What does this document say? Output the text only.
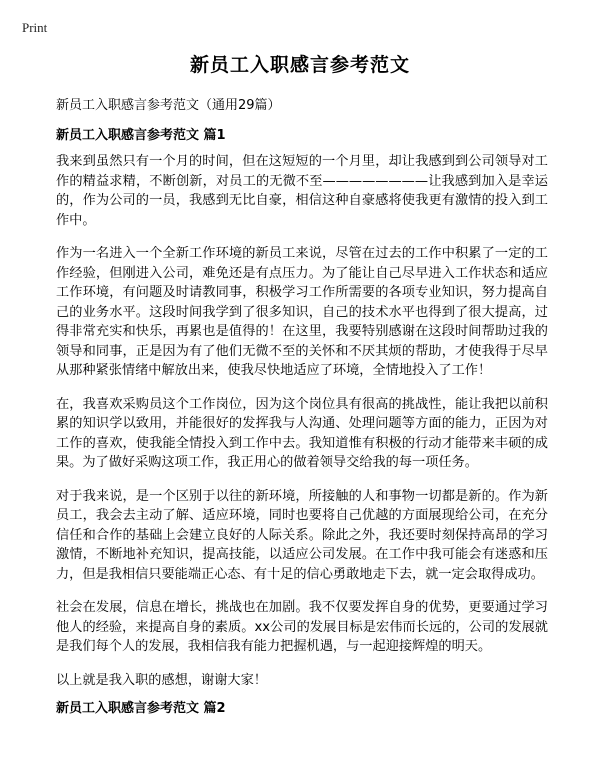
Print
新员工入职感言参考范文
新员工入职感言参考范文（通用29篇）
新员工入职感言参考范文 篇1

我来到虽然只有一个月的时间，但在这短短的一个月里，却让我感到到公司领导对工作的精益求精，不断创新，对员工的无微不至————————让我感到加入是幸运的，作为公司的一员，我感到无比自豪，相信这种自豪感将使我更有激情的投入到工作中。

作为一名进入一个全新工作环境的新员工来说，尽管在过去的工作中积累了一定的工作经验，但刚进入公司，难免还是有点压力。为了能让自己尽早进入工作状态和适应工作环境，有问题及时请教同事，积极学习工作所需要的各项专业知识，努力提高自己的业务水平。这段时间我学到了很多知识，自己的技术水平也得到了很大提高，过得非常充实和快乐，再累也是值得的！在这里，我要特别感谢在这段时间帮助过我的领导和同事，正是因为有了他们无微不至的关怀和不厌其烦的帮助，才使我得于尽早从那种紧张情绪中解放出来，使我尽快地适应了环境，全情地投入了工作！

在，我喜欢采购员这个工作岗位，因为这个岗位具有很高的挑战性，能让我把以前积累的知识学以致用，并能很好的发挥我与人沟通、处理问题等方面的能力，正因为对工作的喜欢，使我能全情投入到工作中去。我知道惟有积极的行动才能带来丰硕的成果。为了做好采购这项工作，我正用心的做着领导交给我的每一项任务。

对于我来说，是一个区别于以往的新环境，所接触的人和事物一切都是新的。作为新员工，我会去主动了解、适应环境，同时也要将自己优越的方面展现给公司，在充分信任和合作的基础上会建立良好的人际关系。除此之外，我还要时刻保持高昂的学习激情，不断地补充知识，提高技能，以适应公司发展。在工作中我可能会有迷惑和压力，但是我相信只要能端正心态、有十足的信心勇敢地走下去，就一定会取得成功。

社会在发展，信息在增长，挑战也在加剧。我不仅要发挥自身的优势，更要通过学习他人的经验，来提高自身的素质。xx公司的发展目标是宏伟而长远的，公司的发展就是我们每个人的发展，我相信我有能力把握机遇，与一起迎接辉煌的明天。

以上就是我入职的感想，谢谢大家！

新员工入职感言参考范文 篇2
